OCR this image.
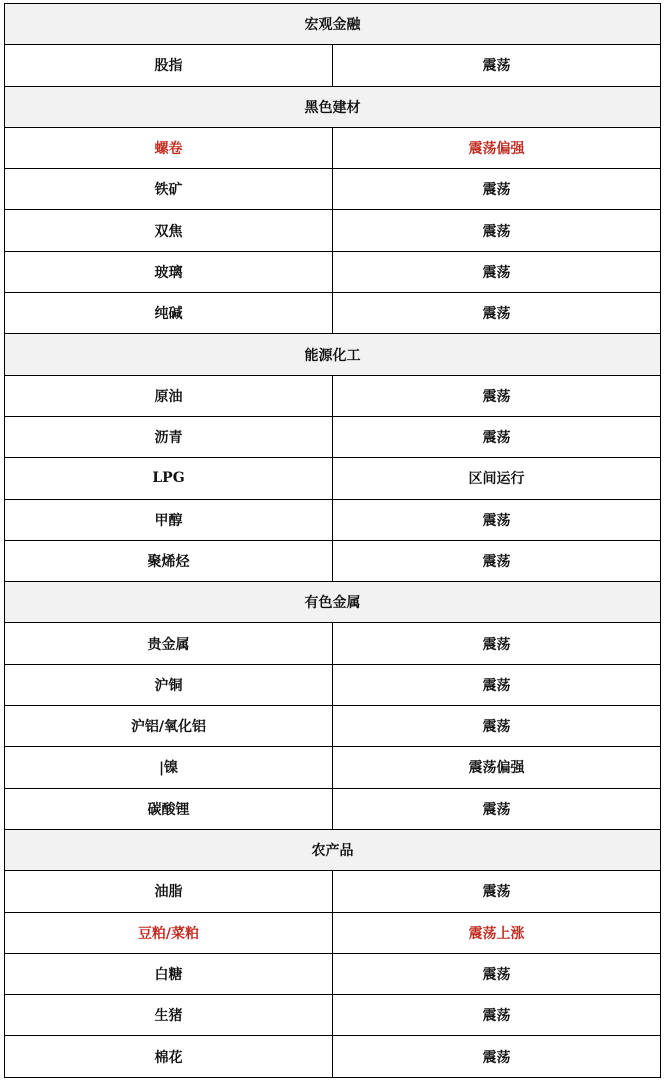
宏观金融	
股指	震荡
黑色建材	
螺卷	震荡偏强
铁矿	震荡
双焦	震荡
玻璃	震荡
纯碱	震荡
能源化工	
原油	震荡
沥青	震荡
LPG	区间运行
甲醇	震荡
聚烯烃	震荡
有色金属	
贵金属	震荡
沪铜	震荡
沪铝/氧化铝	震荡
|镍	震荡偏强
碳酸锂	震荡
农产品	
油脂	震荡
豆粕/菜粕	震荡上涨
白糖	震荡
生猪	震荡
棉花	震荡
